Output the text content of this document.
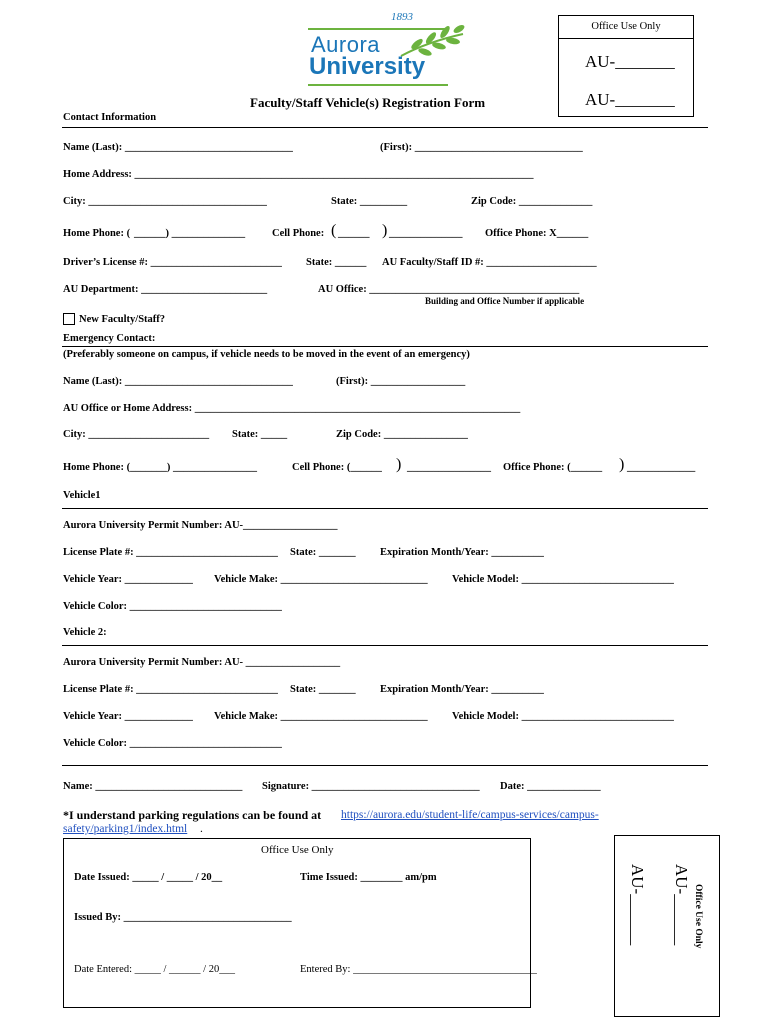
1893
Aurora
University
Office Use Only
AU-_______
AU-_______
Faculty/Staff Vehicle(s) Registration Form
Contact Information
Name (Last): ________________________________	(First): ________________________________
Home Address: ____________________________________________________________________________
City: __________________________________	State: _________	Zip Code: ______________
Home Phone: ( ______) ______________	Cell Phone: ( ______ ) ______________ Office Phone: X______
Driver’s License #: _________________________ State: ______ AU Faculty/Staff ID #: _____________________
AU Department: ________________________	AU Office: ________________________________________
Building and Office Number if applicable
New Faculty/Staff?
Emergency Contact:
(Preferably someone on campus, if vehicle needs to be moved in the event of an emergency)
Name (Last): ________________________________	(First): __________________
AU Office or Home Address: ______________________________________________________________
City: _______________________ State: _____	Zip Code: ________________
Home Phone: (_______) ________________	Cell Phone: (______ ) ________________ Office Phone: (______ ) _____________
Vehicle1
Aurora University Permit Number: AU-__________________
License Plate #: ___________________________ State: _______ Expiration Month/Year: __________
Vehicle Year: _____________ Vehicle Make: ____________________________ Vehicle Model: _____________________________
Vehicle Color: _____________________________
Vehicle 2:
Aurora University Permit Number: AU- __________________
License Plate #: ___________________________ State: _______ Expiration Month/Year: __________
Vehicle Year: _____________ Vehicle Make: ____________________________ Vehicle Model: _____________________________
Vehicle Color: _____________________________
Name: ____________________________ Signature: ________________________________ Date: ______________
*I understand parking regulations can be found at https://aurora.edu/student-life/campus-services/campus-
safety/parking1/index.html .
Office Use Only
Date Issued: _____ / _____ / 20__	Time Issued: ________ am/pm
Issued By: ________________________________
Date Entered: _____ / ______ / 20___	Entered By: ___________________________________
Office Use Only
AU-______
AU-______
